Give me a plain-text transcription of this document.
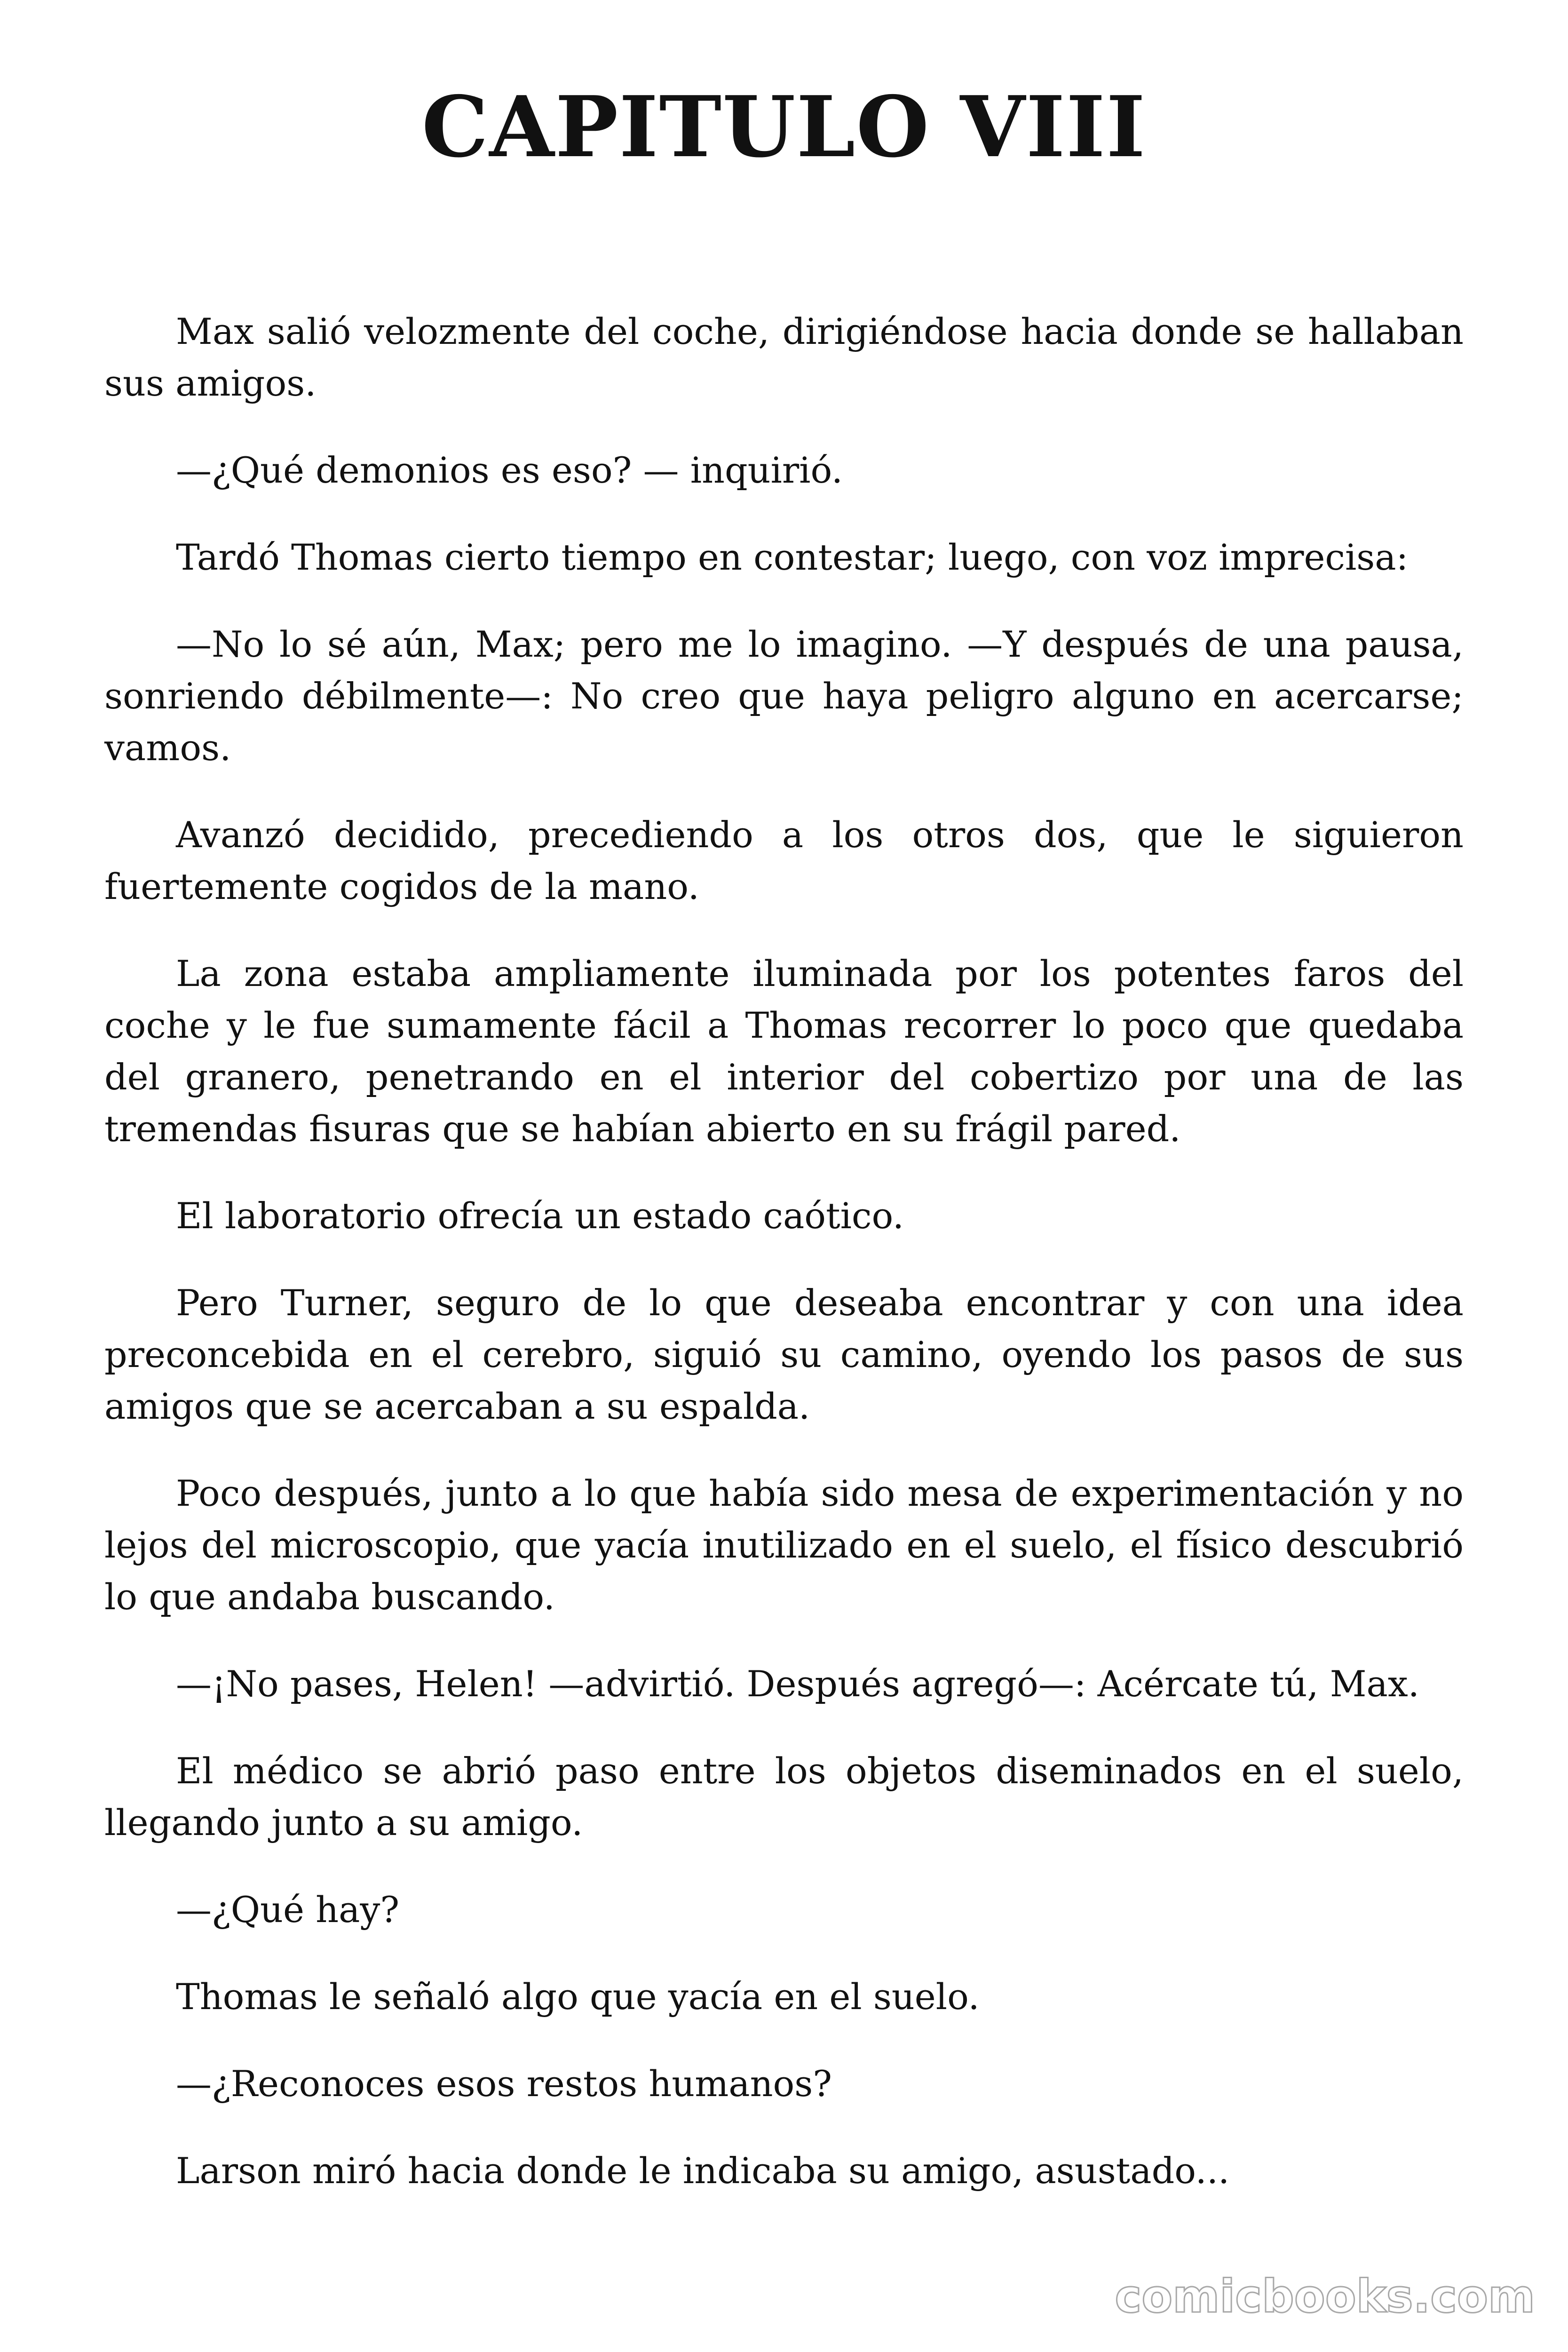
CAPITULO VIII

Max salió velozmente del coche, dirigiéndose hacia donde se hallaban sus amigos.

—¿Qué demonios es eso? — inquirió.

Tardó Thomas cierto tiempo en contestar; luego, con voz imprecisa:

—No lo sé aún, Max; pero me lo imagino. —Y después de una pausa, sonriendo débilmente—: No creo que haya peligro alguno en acercarse; vamos.

Avanzó decidido, precediendo a los otros dos, que le siguieron fuertemente cogidos de la mano.

La zona estaba ampliamente iluminada por los potentes faros del coche y le fue sumamente fácil a Thomas recorrer lo poco que quedaba del granero, penetrando en el interior del cobertizo por una de las tremendas fisuras que se habían abierto en su frágil pared.

El laboratorio ofrecía un estado caótico.

Pero Turner, seguro de lo que deseaba encontrar y con una idea preconcebida en el cerebro, siguió su camino, oyendo los pasos de sus amigos que se acercaban a su espalda.

Poco después, junto a lo que había sido mesa de experimentación y no lejos del microscopio, que yacía inutilizado en el suelo, el físico descubrió lo que andaba buscando.

—¡No pases, Helen! —advirtió. Después agregó—: Acércate tú, Max.

El médico se abrió paso entre los objetos diseminados en el suelo, llegando junto a su amigo.

—¿Qué hay?

Thomas le señaló algo que yacía en el suelo.

—¿Reconoces esos restos humanos?

Larson miró hacia donde le indicaba su amigo, asustado...

comicbooks.com
